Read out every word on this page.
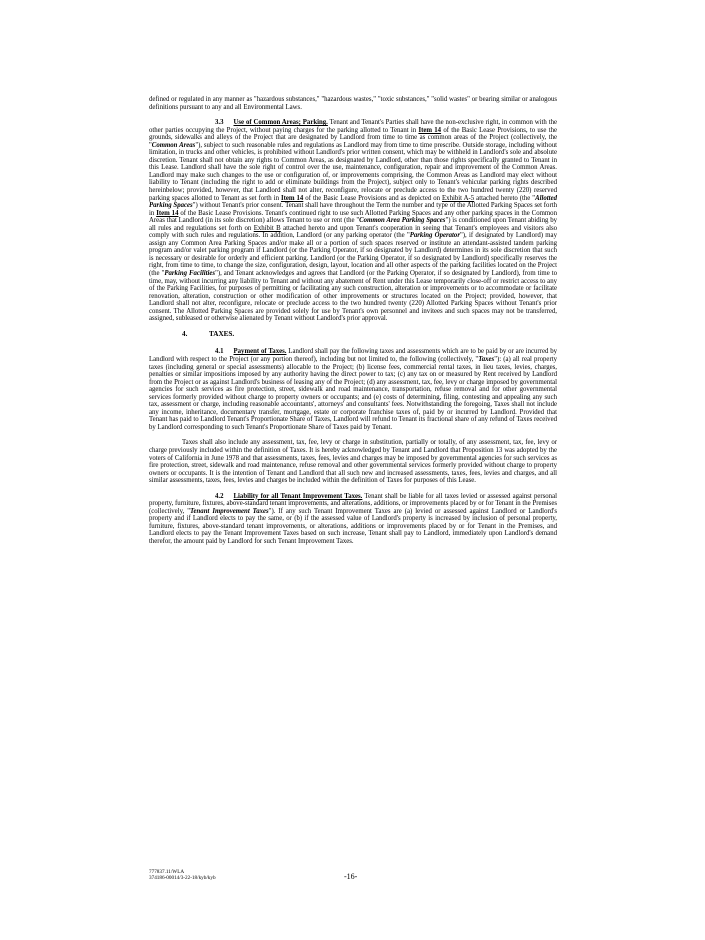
defined or regulated in any manner as "hazardous substances," "hazardous wastes," "toxic substances," "solid wastes" or bearing similar or analogous definitions pursuant to any and all Environmental Laws.

3.3 Use of Common Areas; Parking. Tenant and Tenant's Parties shall have the non-exclusive right, in common with the other parties occupying the Project, without paying charges for the parking allotted to Tenant in Item 14 of the Basic Lease Provisions, to use the grounds, sidewalks and alleys of the Project that are designated by Landlord from time to time as common areas of the Project (collectively, the "Common Areas"), subject to such reasonable rules and regulations as Landlord may from time to time prescribe. Outside storage, including without limitation, in trucks and other vehicles, is prohibited without Landlord's prior written consent, which may be withheld in Landlord's sole and absolute discretion. Tenant shall not obtain any rights to Common Areas, as designated by Landlord, other than those rights specifically granted to Tenant in this Lease. Landlord shall have the sole right of control over the use, maintenance, configuration, repair and improvement of the Common Areas. Landlord may make such changes to the use or configuration of, or improvements comprising, the Common Areas as Landlord may elect without liability to Tenant (including the right to add or eliminate buildings from the Project), subject only to Tenant's vehicular parking rights described hereinbelow; provided, however, that Landlord shall not alter, reconfigure, relocate or preclude access to the two hundred twenty (220) reserved parking spaces allotted to Tenant as set forth in Item 14 of the Basic Lease Provisions and as depicted on Exhibit A-5 attached hereto (the "Allotted Parking Spaces") without Tenant's prior consent. Tenant shall have throughout the Term the number and type of the Allotted Parking Spaces set forth in Item 14 of the Basic Lease Provisions. Tenant's continued right to use such Allotted Parking Spaces and any other parking spaces in the Common Areas that Landlord (in its sole discretion) allows Tenant to use or rent (the "Common Area Parking Spaces") is conditioned upon Tenant abiding by all rules and regulations set forth on Exhibit B attached hereto and upon Tenant's cooperation in seeing that Tenant's employees and visitors also comply with such rules and regulations. In addition, Landlord (or any parking operator (the "Parking Operator"), if designated by Landlord) may assign any Common Area Parking Spaces and/or make all or a portion of such spaces reserved or institute an attendant-assisted tandem parking program and/or valet parking program if Landlord (or the Parking Operator, if so designated by Landlord) determines in its sole discretion that such is necessary or desirable for orderly and efficient parking. Landlord (or the Parking Operator, if so designated by Landlord) specifically reserves the right, from time to time, to change the size, configuration, design, layout, location and all other aspects of the parking facilities located on the Project (the "Parking Facilities"), and Tenant acknowledges and agrees that Landlord (or the Parking Operator, if so designated by Landlord), from time to time, may, without incurring any liability to Tenant and without any abatement of Rent under this Lease temporarily close-off or restrict access to any of the Parking Facilities, for purposes of permitting or facilitating any such construction, alteration or improvements or to accommodate or facilitate renovation, alteration, construction or other modification of other improvements or structures located on the Project; provided, however, that Landlord shall not alter, reconfigure, relocate or preclude access to the two hundred twenty (220) Allotted Parking Spaces without Tenant's prior consent. The Allotted Parking Spaces are provided solely for use by Tenant's own personnel and invitees and such spaces may not be transferred, assigned, subleased or otherwise alienated by Tenant without Landlord's prior approval.

4.	TAXES.

4.1 Payment of Taxes. Landlord shall pay the following taxes and assessments which are to be paid by or are incurred by Landlord with respect to the Project (or any portion thereof), including but not limited to, the following (collectively, "Taxes"): (a) all real property taxes (including general or special assessments) allocable to the Project; (b) license fees, commercial rental taxes, in lieu taxes, levies, charges, penalties or similar impositions imposed by any authority having the direct power to tax; (c) any tax on or measured by Rent received by Landlord from the Project or as against Landlord's business of leasing any of the Project; (d) any assessment, tax, fee, levy or charge imposed by governmental agencies for such services as fire protection, street, sidewalk and road maintenance, transportation, refuse removal and for other governmental services formerly provided without charge to property owners or occupants; and (e) costs of determining, filing, contesting and appealing any such tax, assessment or charge, including reasonable accountants', attorneys' and consultants' fees. Notwithstanding the foregoing, Taxes shall not include any income, inheritance, documentary transfer, mortgage, estate or corporate franchise taxes of, paid by or incurred by Landlord. Provided that Tenant has paid to Landlord Tenant's Proportionate Share of Taxes, Landlord will refund to Tenant its fractional share of any refund of Taxes received by Landlord corresponding to such Tenant's Proportionate Share of Taxes paid by Tenant.

Taxes shall also include any assessment, tax, fee, levy or charge in substitution, partially or totally, of any assessment, tax, fee, levy or charge previously included within the definition of Taxes. It is hereby acknowledged by Tenant and Landlord that Proposition 13 was adopted by the voters of California in June 1978 and that assessments, taxes, fees, levies and charges may be imposed by governmental agencies for such services as fire protection, street, sidewalk and road maintenance, refuse removal and other governmental services formerly provided without charge to property owners or occupants. It is the intention of Tenant and Landlord that all such new and increased assessments, taxes, fees, levies and charges, and all similar assessments, taxes, fees, levies and charges be included within the definition of Taxes for purposes of this Lease.

4.2 Liability for all Tenant Improvement Taxes. Tenant shall be liable for all taxes levied or assessed against personal property, furniture, fixtures, above-standard tenant improvements, and alterations, additions, or improvements placed by or for Tenant in the Premises (collectively, "Tenant Improvement Taxes"). If any such Tenant Improvement Taxes are (a) levied or assessed against Landlord or Landlord's property and if Landlord elects to pay the same, or (b) if the assessed value of Landlord's property is increased by inclusion of personal property, furniture, fixtures, above-standard tenant improvements, or alterations, additions or improvements placed by or for Tenant in the Premises, and Landlord elects to pay the Tenant Improvement Taxes based on such increase, Tenant shall pay to Landlord, immediately upon Landlord's demand therefor, the amount paid by Landlord for such Tenant Improvement Taxes.

777837.11/WLA
374186-00014/3-22-18/kyb/kyb	-16-
